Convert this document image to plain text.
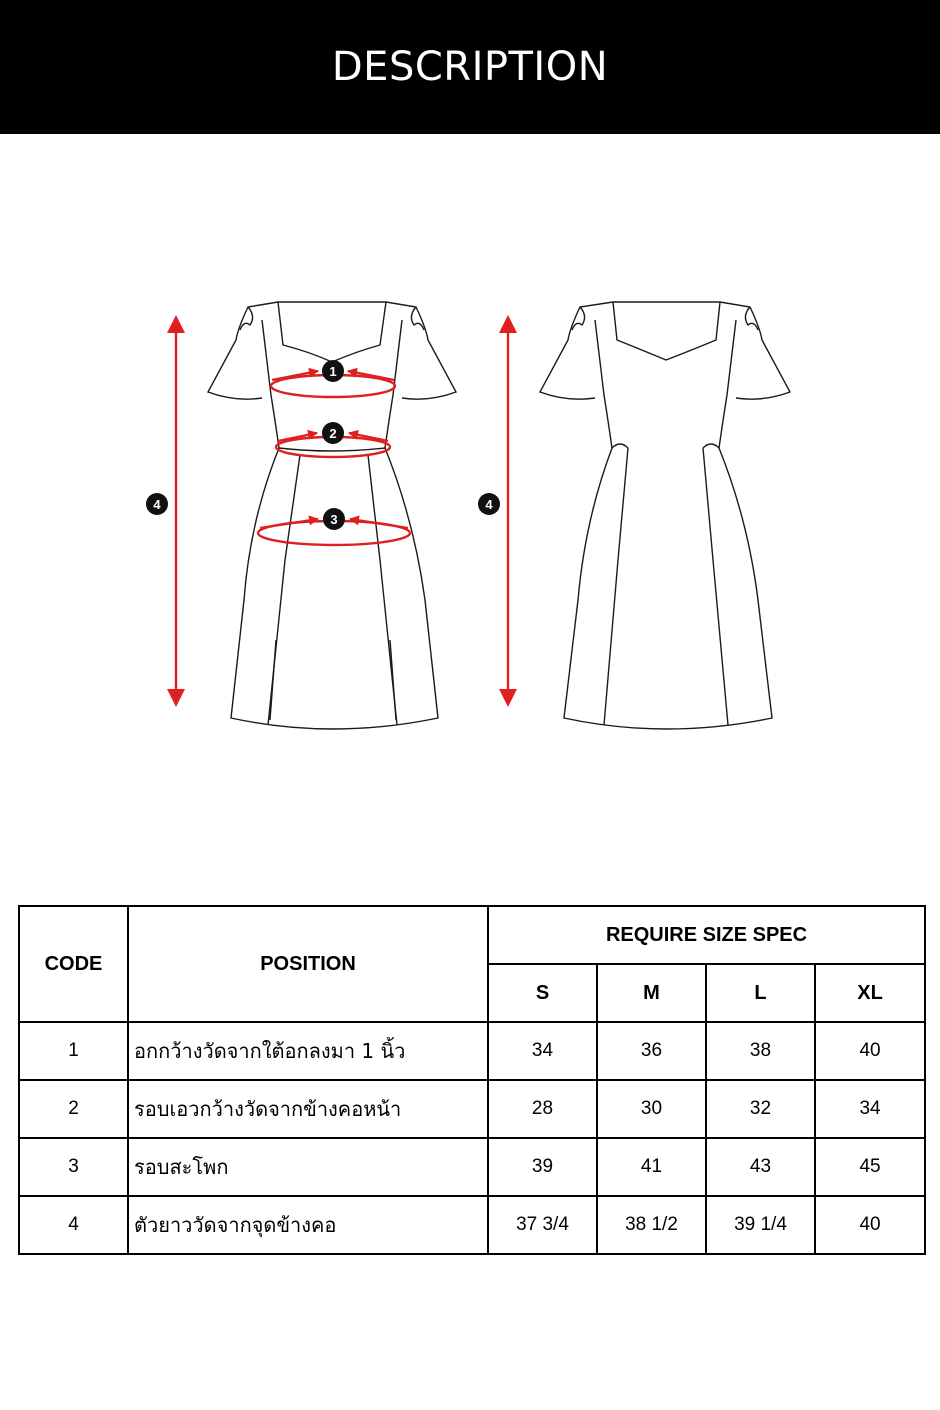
DESCRIPTION
1
2
3
4	4
CODE	POSITION	REQUIRE SIZE SPEC			
		S	M	L	XL
1	อกกว้างวัดจากใต้อกลงมา 1 นิ้ว	34	36	38	40
2	รอบเอวกว้างวัดจากข้างคอหน้า	28	30	32	34
3	รอบสะโพก	39	41	43	45
4	ตัวยาววัดจากจุดข้างคอ	37 3/4	38 1/2	39 1/4	40
